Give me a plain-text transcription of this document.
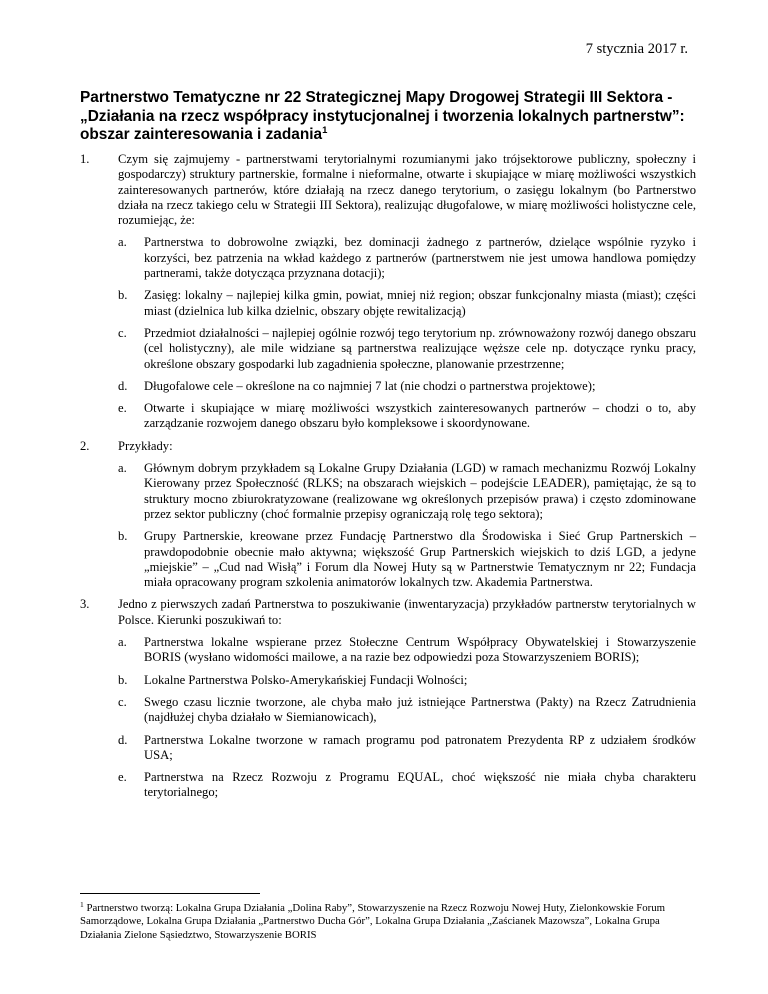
7 stycznia 2017 r.
Partnerstwo Tematyczne nr 22 Strategicznej Mapy Drogowej Strategii III Sektora - „Działania na rzecz współpracy instytucjonalnej i tworzenia lokalnych partnerstw”: obszar zainteresowania i zadania$^1$
1. Czym się zajmujemy - partnerstwami terytorialnymi rozumianymi jako trójsektorowe publiczny, społeczny i gospodarczy) struktury partnerskie, formalne i nieformalne, otwarte i skupiające w miarę możliwości wszystkich zainteresowanych partnerów, które działają na rzecz danego terytorium, o zasięgu lokalnym (bo Partnerstwo działa na rzecz takiego celu w Strategii III Sektora), realizując długofalowe, w miarę możliwości holistyczne cele, rozumiejąc, że:
a. Partnerstwa to dobrowolne związki, bez dominacji żadnego z partnerów, dzielące wspólnie ryzyko i korzyści, bez patrzenia na wkład każdego z partnerów (partnerstwem nie jest umowa handlowa pomiędzy partnerami, także dotycząca przyznana dotacji);
b. Zasięg: lokalny – najlepiej kilka gmin, powiat, mniej niż region; obszar funkcjonalny miasta (miast); części miast (dzielnica lub kilka dzielnic, obszary objęte rewitalizacją)
c. Przedmiot działalności – najlepiej ogólnie rozwój tego terytorium np. zrównoważony rozwój danego obszaru (cel holistyczny), ale mile widziane są partnerstwa realizujące węższe cele np. dotyczące rynku pracy, określone obszary gospodarki lub zagadnienia społeczne, planowanie przestrzenne;
d. Długofalowe cele – określone na co najmniej 7 lat (nie chodzi o partnerstwa projektowe);
e. Otwarte i skupiające w miarę możliwości wszystkich zainteresowanych partnerów – chodzi o to, aby zarządzanie rozwojem danego obszaru było kompleksowe i skoordynowane.
2. Przykłady:
a. Głównym dobrym przykładem są Lokalne Grupy Działania (LGD) w ramach mechanizmu Rozwój Lokalny Kierowany przez Społeczność (RLKS; na obszarach wiejskich – podejście LEADER), pamiętając, że są to struktury mocno zbiurokratyzowane (realizowane wg określonych przepisów prawa) i często zdominowane przez sektor publiczny (choć formalnie przepisy ograniczają rolę tego sektora);
b. Grupy Partnerskie, kreowane przez Fundację Partnerstwo dla Środowiska i Sieć Grup Partnerskich – prawdopodobnie obecnie mało aktywna; większość Grup Partnerskich wiejskich to dziś LGD, a jedyne „miejskie” – „Cud nad Wisłą” i Forum dla Nowej Huty są w Partnerstwie Tematycznym nr 22; Fundacja miała opracowany program szkolenia animatorów lokalnych tzw. Akademia Partnerstwa.
3. Jedno z pierwszych zadań Partnerstwa to poszukiwanie (inwentaryzacja) przykładów partnerstw terytorialnych w Polsce. Kierunki poszukiwań to:
a. Partnerstwa lokalne wspierane przez Stołeczne Centrum Współpracy Obywatelskiej i Stowarzyszenie BORIS (wysłano widomości mailowe, a na razie bez odpowiedzi poza Stowarzyszeniem BORIS);
b. Lokalne Partnerstwa Polsko-Amerykańskiej Fundacji Wolności;
c. Swego czasu licznie tworzone, ale chyba mało już istniejące Partnerstwa (Pakty) na Rzecz Zatrudnienia (najdłużej chyba działało w Siemianowicach),
d. Partnerstwa Lokalne tworzone w ramach programu pod patronatem Prezydenta RP z udziałem środków USA;
e. Partnerstwa na Rzecz Rozwoju z Programu EQUAL, choć większość nie miała chyba charakteru terytorialnego;
$^1$ Partnerstwo tworzą: Lokalna Grupa Działania „Dolina Raby”, Stowarzyszenie na Rzecz Rozwoju Nowej Huty, Zielonkowskie Forum Samorządowe, Lokalna Grupa Działania „Partnerstwo Ducha Gór”, Lokalna Grupa Działania „Zaścianek Mazowsza”, Lokalna Grupa Działania Zielone Sąsiedztwo, Stowarzyszenie BORIS
